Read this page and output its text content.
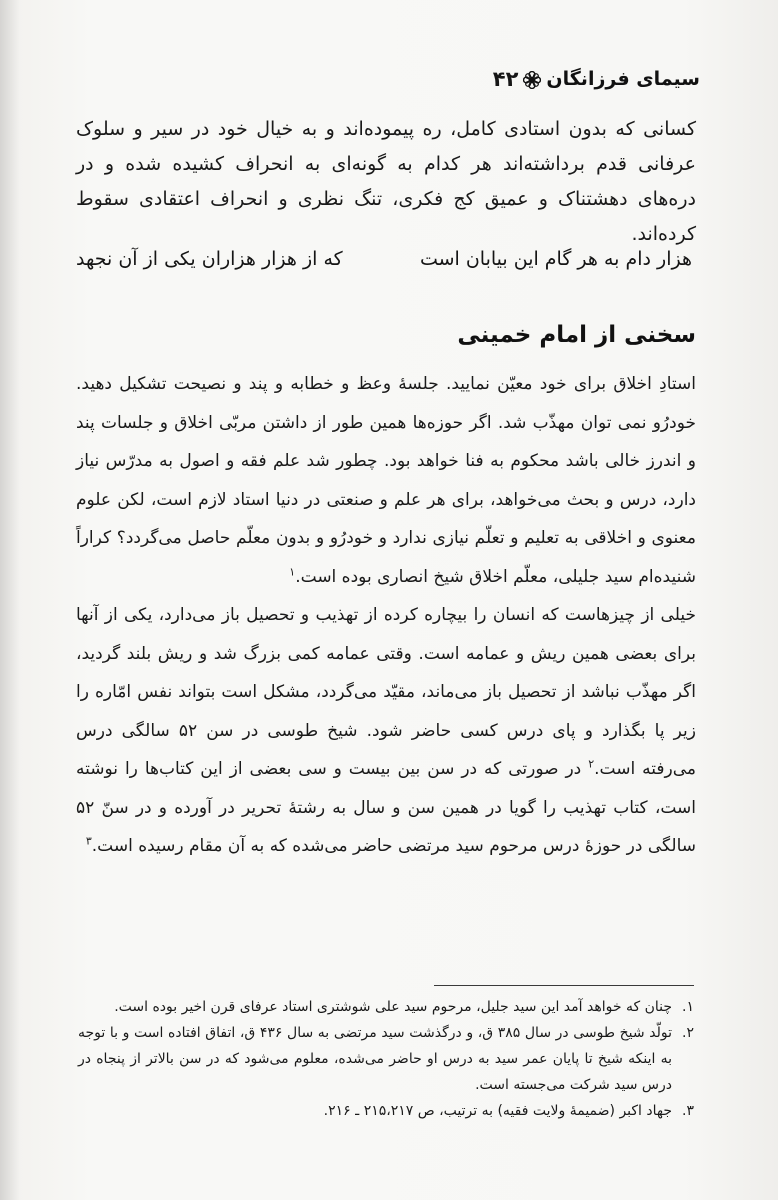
۴۲ سیمای فرزانگان

کسانی که بدون استادی کامل، ره پیموده‌اند و به خیال خود در سیر و سلوک عرفانی قدم برداشته‌اند هر کدام به گونه‌ای به انحراف کشیده شده و در دره‌های دهشتناک و عمیق کج فکری، تنگ نظری و انحراف اعتقادی سقوط کرده‌اند.

هزار دام به هر گام این بیابان است
که از هزار هزاران یکی از آن نجهد
سخنی از امام خمینی

استادِ اخلاق برای خود معیّن نمایید. جلسهٔ وعظ و خطابه و پند و نصیحت تشکیل دهید. خودرُو نمی توان مهذّب شد. اگر حوزه‌ها همین طور از داشتن مربّی اخلاق و جلسات پند و اندرز خالی باشد محکوم به فنا خواهد بود. چطور شد علم فقه و اصول به مدرّس نیاز دارد، درس و بحث می‌خواهد، برای هر علم و صنعتی در دنیا استاد لازم است، لکن علوم معنوی و اخلاقی به تعلیم و تعلّم نیازی ندارد و خودرُو و بدون معلّم حاصل می‌گردد؟ کراراً شنیده‌ام سید جلیلی، معلّم اخلاق شیخ انصاری بوده است.$^۱$

خیلی از چیزهاست که انسان را بیچاره کرده از تهذیب و تحصیل باز می‌دارد، یکی از آنها برای بعضی همین ریش و عمامه است. وقتی عمامه کمی بزرگ شد و ریش بلند گردید، اگر مهذّب نباشد از تحصیل باز می‌ماند، مقیّد می‌گردد، مشکل است بتواند نفس امّاره را زیر پا بگذارد و پای درس کسی حاضر شود. شیخ طوسی در سن ۵۲ سالگی درس می‌رفته است.$^۲$ در صورتی که در سن بین بیست و سی بعضی از این کتاب‌ها را نوشته است، کتاب تهذیب را گویا در همین سن و سال به رشتهٔ تحریر در آورده و در سنّ ۵۲ سالگی در حوزهٔ درس مرحوم سید مرتضی حاضر می‌شده که به آن مقام رسیده است.$^۳$

۱.
چنان که خواهد آمد این سید جلیل، مرحوم سید علی شوشتری استاد عرفای قرن اخیر بوده است.
۲.
تولّد شیخ طوسی در سال ۳۸۵ ق، و درگذشت سید مرتضی به سال ۴۳۶ ق، اتفاق افتاده است و با توجه به اینکه شیخ تا پایان عمر سید به درس او حاضر می‌شده، معلوم می‌شود که در سن بالاتر از پنجاه در درس سید شرکت می‌جسته است.
۳.
جهاد اکبر (ضمیمهٔ ولایت فقیه) به ترتیب، ص ۲۱۵،۲۱۷ ـ ۲۱۶.
